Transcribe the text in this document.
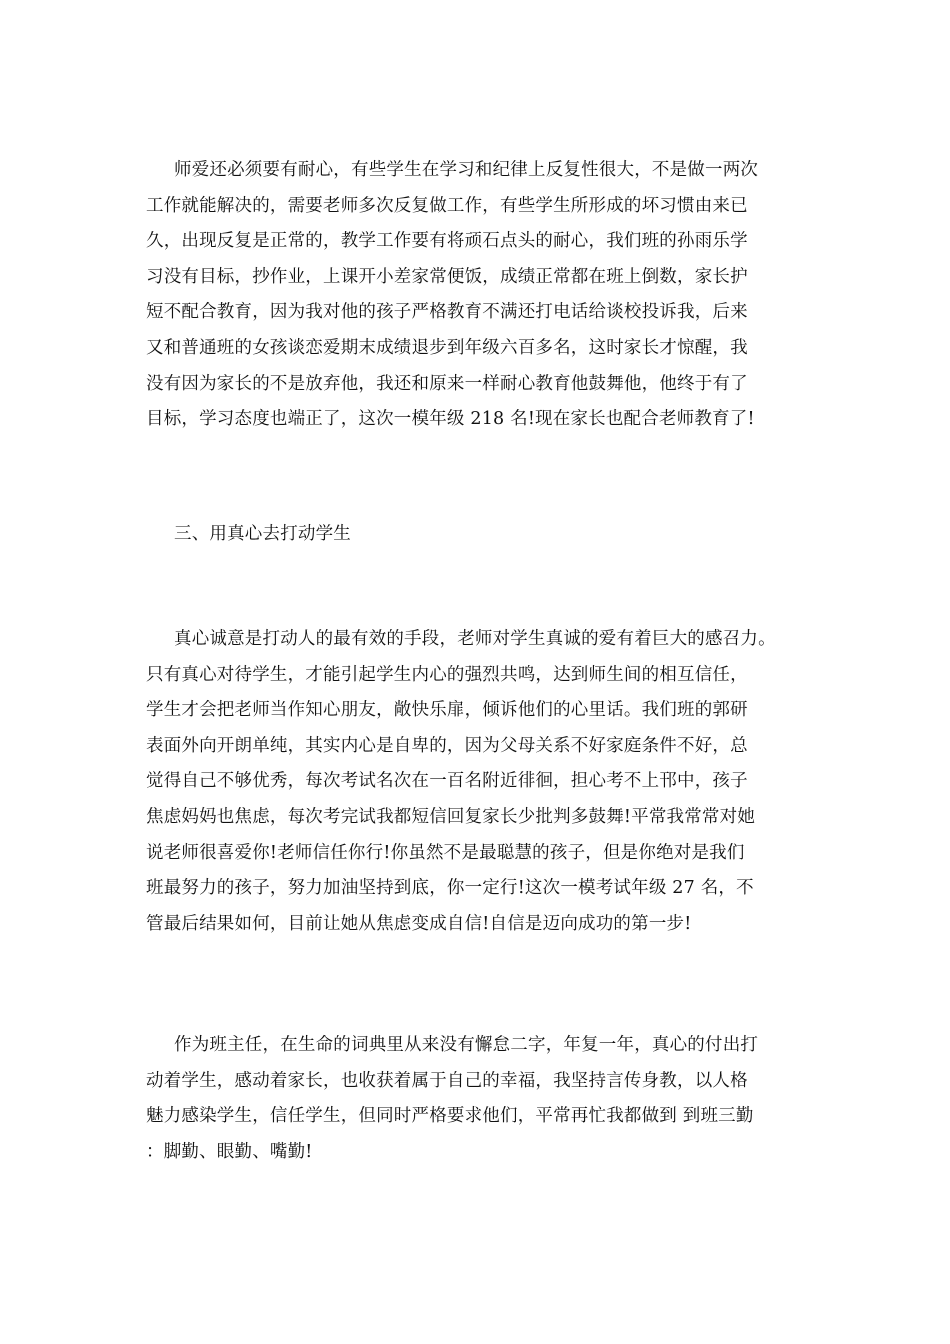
师爱还必须要有耐心，有些学生在学习和纪律上反复性很大，不是做一两次
工作就能解决的，需要老师多次反复做工作，有些学生所形成的坏习惯由来已
久，出现反复是正常的，教学工作要有将顽石点头的耐心，我们班的孙雨乐学
习没有目标，抄作业，上课开小差家常便饭，成绩正常都在班上倒数，家长护
短不配合教育，因为我对他的孩子严格教育不满还打电话给谈校投诉我，后来
又和普通班的女孩谈恋爱期末成绩退步到年级六百多名，这时家长才惊醒，我
没有因为家长的不是放弃他，我还和原来一样耐心教育他鼓舞他，他终于有了
目标，学习态度也端正了，这次一模年级 218 名!现在家长也配合老师教育了!
三、用真心去打动学生
真心诚意是打动人的最有效的手段，老师对学生真诚的爱有着巨大的感召力。
只有真心对待学生，才能引起学生内心的强烈共鸣，达到师生间的相互信任，
学生才会把老师当作知心朋友，敞快乐扉，倾诉他们的心里话。我们班的郭研
表面外向开朗单纯，其实内心是自卑的，因为父母关系不好家庭条件不好，总
觉得自己不够优秀，每次考试名次在一百名附近徘徊，担心考不上邗中，孩子
焦虑妈妈也焦虑，每次考完试我都短信回复家长少批判多鼓舞!平常我常常对她
说老师很喜爱你!老师信任你行!你虽然不是最聪慧的孩子，但是你绝对是我们
班最努力的孩子，努力加油坚持到底，你一定行!这次一模考试年级 27 名，不
管最后结果如何，目前让她从焦虑变成自信!自信是迈向成功的第一步!
作为班主任，在生命的词典里从来没有懈怠二字，年复一年，真心的付出打
动着学生，感动着家长，也收获着属于自己的幸福，我坚持言传身教，以人格
魅力感染学生，信任学生，但同时严格要求他们，平常再忙我都做到 到班三勤
：脚勤、眼勤、嘴勤!
